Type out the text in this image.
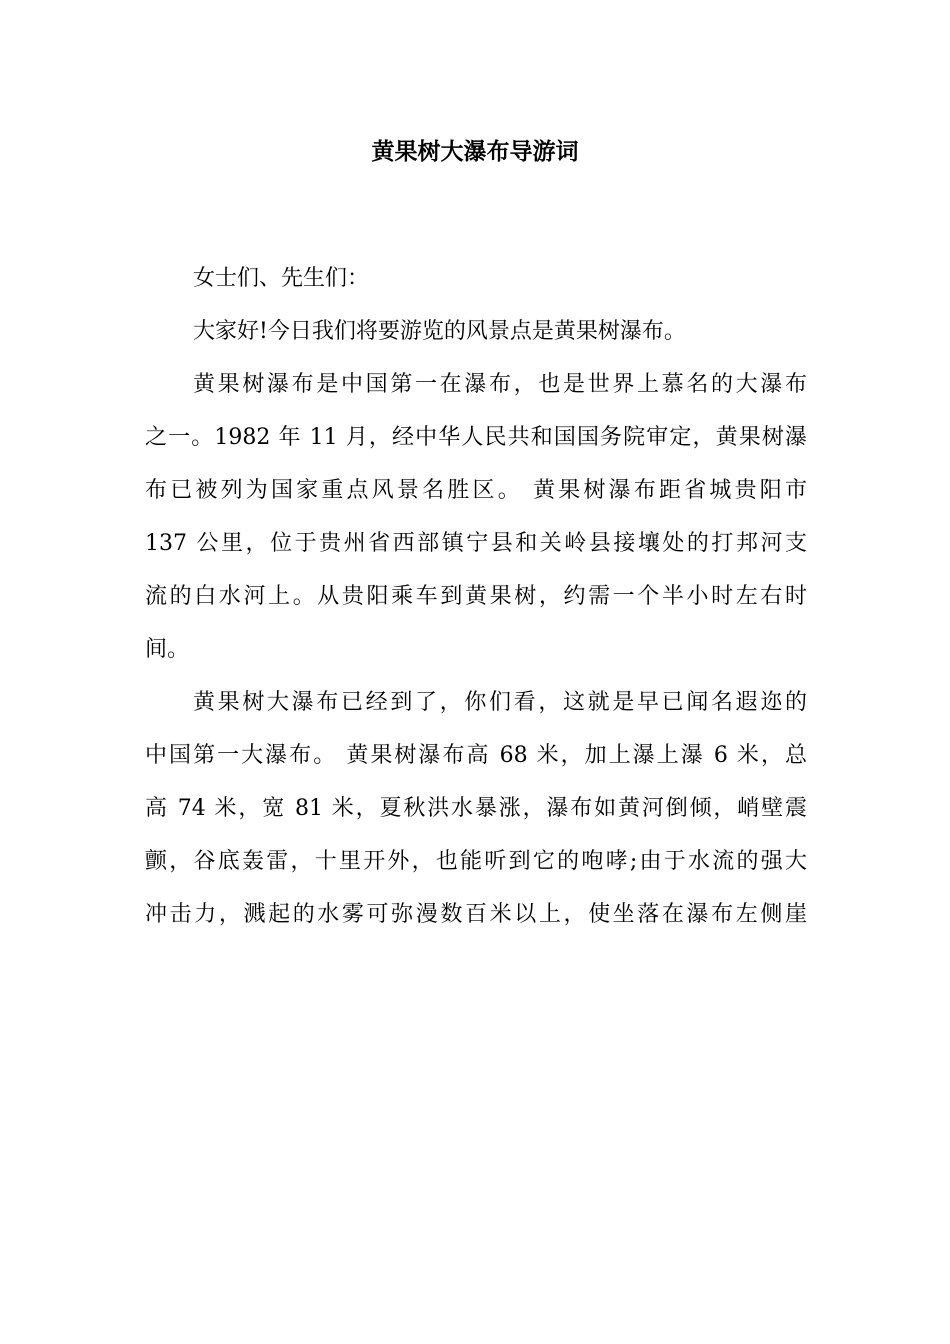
黄果树大瀑布导游词
女士们、先生们：
大家好!今日我们将要游览的风景点是黄果树瀑布。
黄果树瀑布是中国第一在瀑布，也是世界上慕名的大瀑布
之一。1982 年 11 月，经中华人民共和国国务院审定，黄果树瀑
布已被列为国家重点风景名胜区。 黄果树瀑布距省城贵阳市
137 公里，位于贵州省西部镇宁县和关岭县接壤处的打邦河支
流的白水河上。从贵阳乘车到黄果树，约需一个半小时左右时
间。
黄果树大瀑布已经到了，你们看，这就是早已闻名遐迩的
中国第一大瀑布。 黄果树瀑布高 68 米，加上瀑上瀑 6 米，总
高 74 米，宽 81 米，夏秋洪水暴涨，瀑布如黄河倒倾，峭壁震
颤，谷底轰雷，十里开外，也能听到它的咆哮;由于水流的强大
冲击力，溅起的水雾可弥漫数百米以上，使坐落在瀑布左侧崖
